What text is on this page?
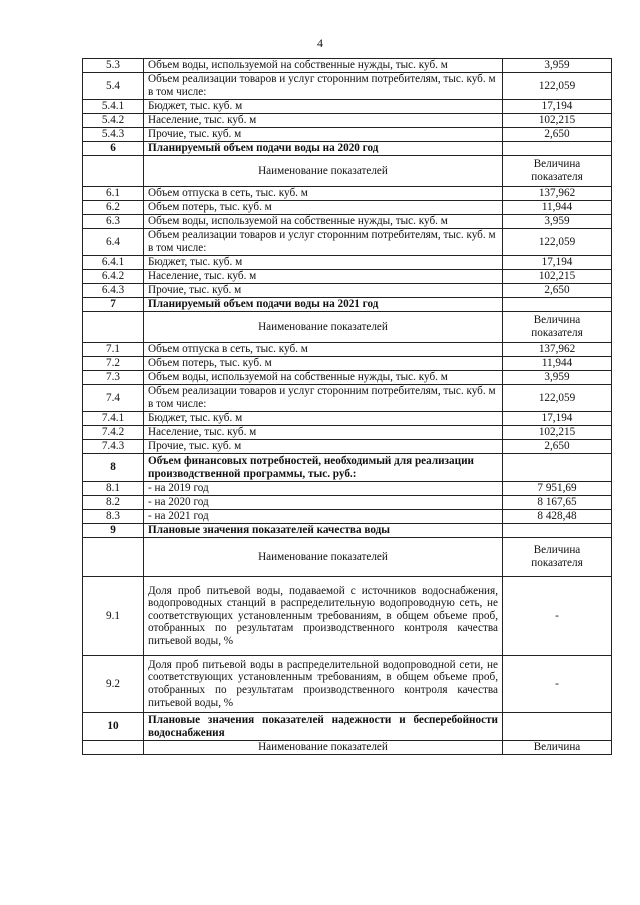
4
5.3	Объем воды, используемой на собственные нужды, тыс. куб. м	3,959
5.4	Объем реализации товаров и услуг сторонним потребителям, тыс. куб. м в том числе:	122,059
5.4.1	Бюджет, тыс. куб. м	17,194
5.4.2	Население, тыс. куб. м	102,215
5.4.3	Прочие, тыс. куб. м	2,650
6	Планируемый объем подачи воды на 2020 год	
	Наименование показателей	Величина показателя
6.1	Объем отпуска в сеть, тыс. куб. м	137,962
6.2	Объем потерь, тыс. куб. м	11,944
6.3	Объем воды, используемой на собственные нужды, тыс. куб. м	3,959
6.4	Объем реализации товаров и услуг сторонним потребителям, тыс. куб. м в том числе:	122,059
6.4.1	Бюджет, тыс. куб. м	17,194
6.4.2	Население, тыс. куб. м	102,215
6.4.3	Прочие, тыс. куб. м	2,650
7	Планируемый объем подачи воды на 2021 год	
	Наименование показателей	Величина показателя
7.1	Объем отпуска в сеть, тыс. куб. м	137,962
7.2	Объем потерь, тыс. куб. м	11,944
7.3	Объем воды, используемой на собственные нужды, тыс. куб. м	3,959
7.4	Объем реализации товаров и услуг сторонним потребителям, тыс. куб. м в том числе:	122,059
7.4.1	Бюджет, тыс. куб. м	17,194
7.4.2	Население, тыс. куб. м	102,215
7.4.3	Прочие, тыс. куб. м	2,650
8	Объем финансовых потребностей, необходимый для реализации производственной программы, тыс. руб.:	
8.1	- на 2019 год	7 951,69
8.2	- на 2020 год	8 167,65
8.3	- на 2021 год	8 428,48
9	Плановые значения показателей качества воды	
	Наименование показателей	Величина показателя
9.1	Доля проб питьевой воды, подаваемой с источников водоснабжения, водопроводных станций в распределительную водопроводную сеть, не соответствующих установленным требованиям, в общем объеме проб, отобранных по результатам производственного контроля качества питьевой воды, %	-
9.2	Доля проб питьевой воды в распределительной водопроводной сети, не соответствующих установленным требованиям, в общем объеме проб, отобранных по результатам производственного контроля качества питьевой воды, %	-
10	Плановые значения показателей надежности и бесперебойности водоснабжения	
	Наименование показателей	Величина
